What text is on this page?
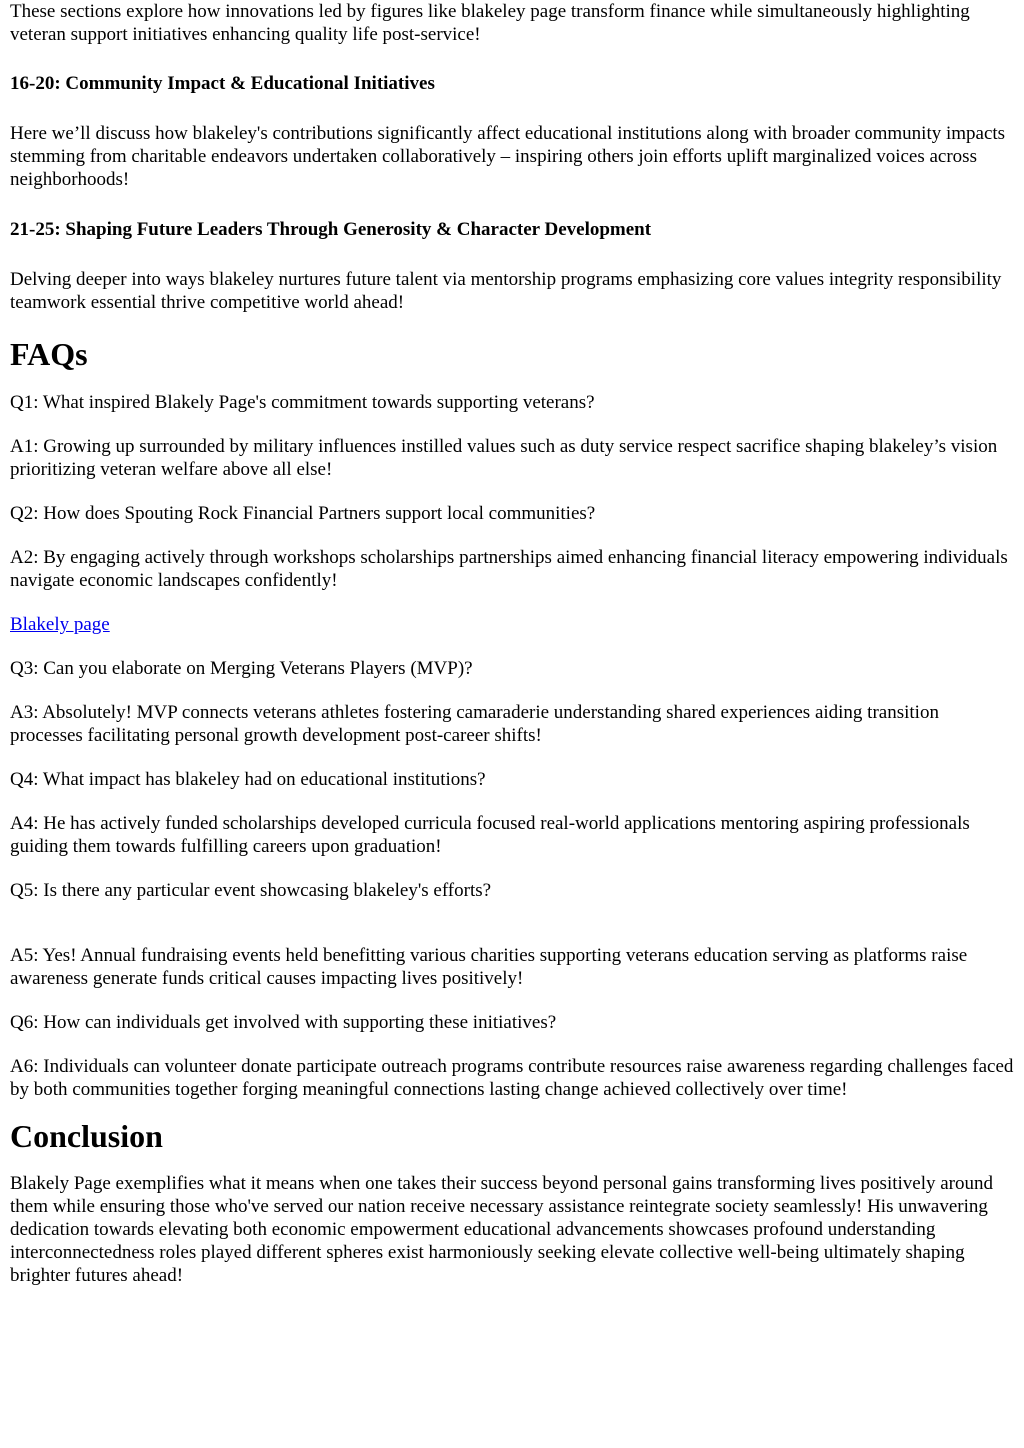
These sections explore how innovations led by figures like blakeley page transform finance while simultaneously highlighting veteran support initiatives enhancing quality life post-service!

16-20: Community Impact & Educational Initiatives

Here we’ll discuss how blakeley's contributions significantly affect educational institutions along with broader community impacts stemming from charitable endeavors undertaken collaboratively – inspiring others join efforts uplift marginalized voices across neighborhoods!

21-25: Shaping Future Leaders Through Generosity & Character Development

Delving deeper into ways blakeley nurtures future talent via mentorship programs emphasizing core values integrity responsibility teamwork essential thrive competitive world ahead!

FAQs

Q1: What inspired Blakely Page's commitment towards supporting veterans?

A1: Growing up surrounded by military influences instilled values such as duty service respect sacrifice shaping blakeley’s vision prioritizing veteran welfare above all else!

Q2: How does Spouting Rock Financial Partners support local communities?

A2: By engaging actively through workshops scholarships partnerships aimed enhancing financial literacy empowering individuals navigate economic landscapes confidently!

Blakely page

Q3: Can you elaborate on Merging Veterans Players (MVP)?

A3: Absolutely! MVP connects veterans athletes fostering camaraderie understanding shared experiences aiding transition processes facilitating personal growth development post-career shifts!

Q4: What impact has blakeley had on educational institutions?

A4: He has actively funded scholarships developed curricula focused real-world applications mentoring aspiring professionals guiding them towards fulfilling careers upon graduation!

Q5: Is there any particular event showcasing blakeley's efforts?

A5: Yes! Annual fundraising events held benefitting various charities supporting veterans education serving as platforms raise awareness generate funds critical causes impacting lives positively!

Q6: How can individuals get involved with supporting these initiatives?

A6: Individuals can volunteer donate participate outreach programs contribute resources raise awareness regarding challenges faced by both communities together forging meaningful connections lasting change achieved collectively over time!

Conclusion

Blakely Page exemplifies what it means when one takes their success beyond personal gains transforming lives positively around them while ensuring those who've served our nation receive necessary assistance reintegrate society seamlessly! His unwavering dedication towards elevating both economic empowerment educational advancements showcases profound understanding interconnectedness roles played different spheres exist harmoniously seeking elevate collective well-being ultimately shaping brighter futures ahead!
